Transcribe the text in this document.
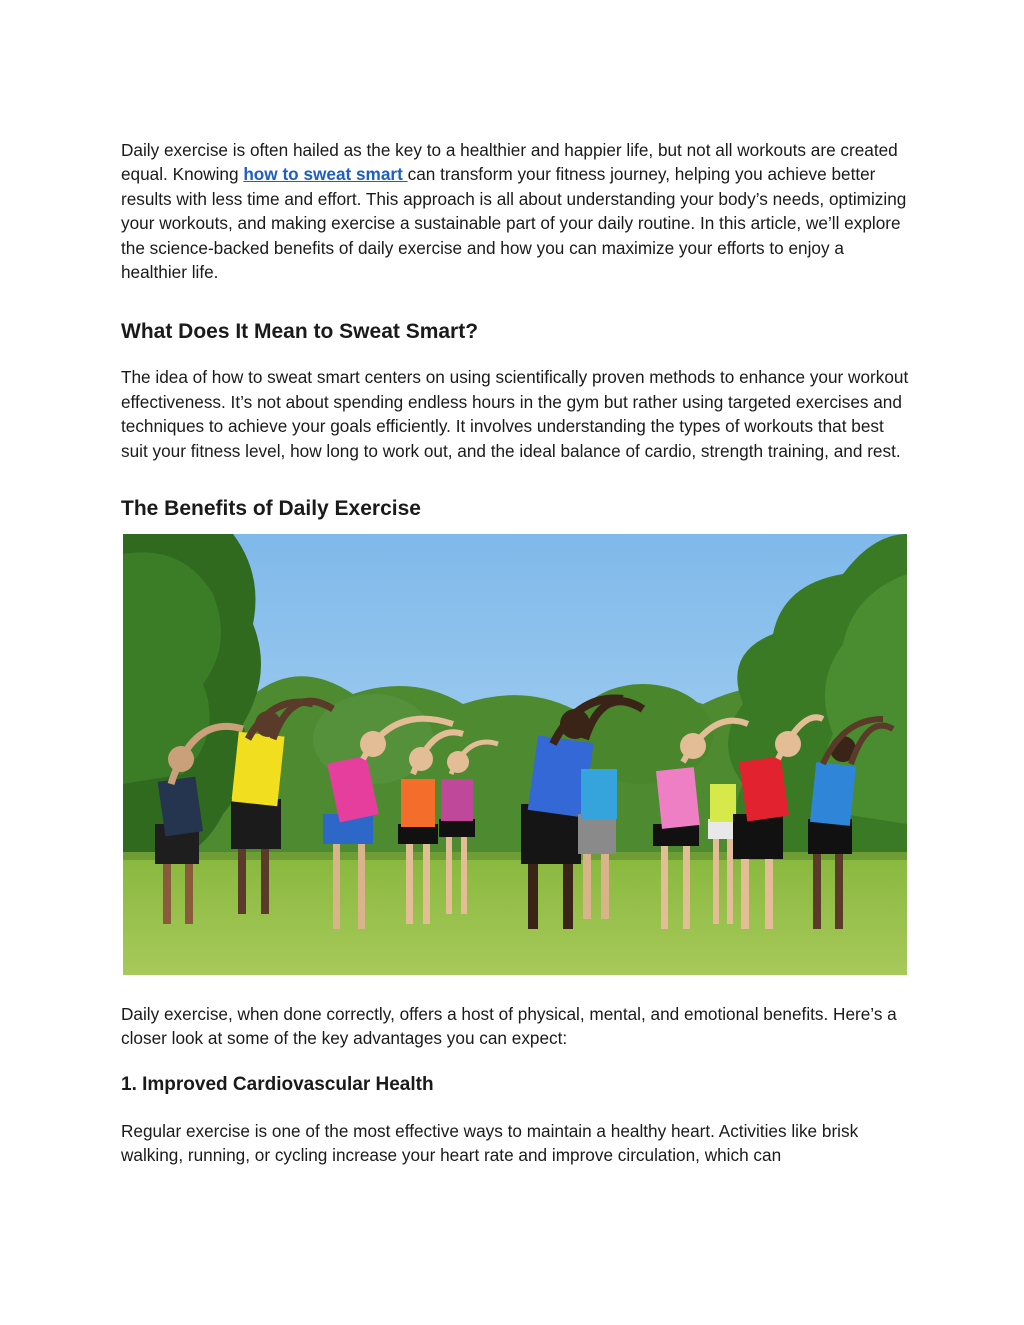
Daily exercise is often hailed as the key to a healthier and happier life, but not all workouts are created equal. Knowing how to sweat smart can transform your fitness journey, helping you achieve better results with less time and effort. This approach is all about understanding your body’s needs, optimizing your workouts, and making exercise a sustainable part of your daily routine. In this article, we’ll explore the science-backed benefits of daily exercise and how you can maximize your efforts to enjoy a healthier life.

What Does It Mean to Sweat Smart?

The idea of how to sweat smart centers on using scientifically proven methods to enhance your workout effectiveness. It’s not about spending endless hours in the gym but rather using targeted exercises and techniques to achieve your goals efficiently. It involves understanding the types of workouts that best suit your fitness level, how long to work out, and the ideal balance of cardio, strength training, and rest.

The Benefits of Daily Exercise

Daily exercise, when done correctly, offers a host of physical, mental, and emotional benefits. Here’s a closer look at some of the key advantages you can expect:

1. Improved Cardiovascular Health

Regular exercise is one of the most effective ways to maintain a healthy heart. Activities like brisk walking, running, or cycling increase your heart rate and improve circulation, which can
